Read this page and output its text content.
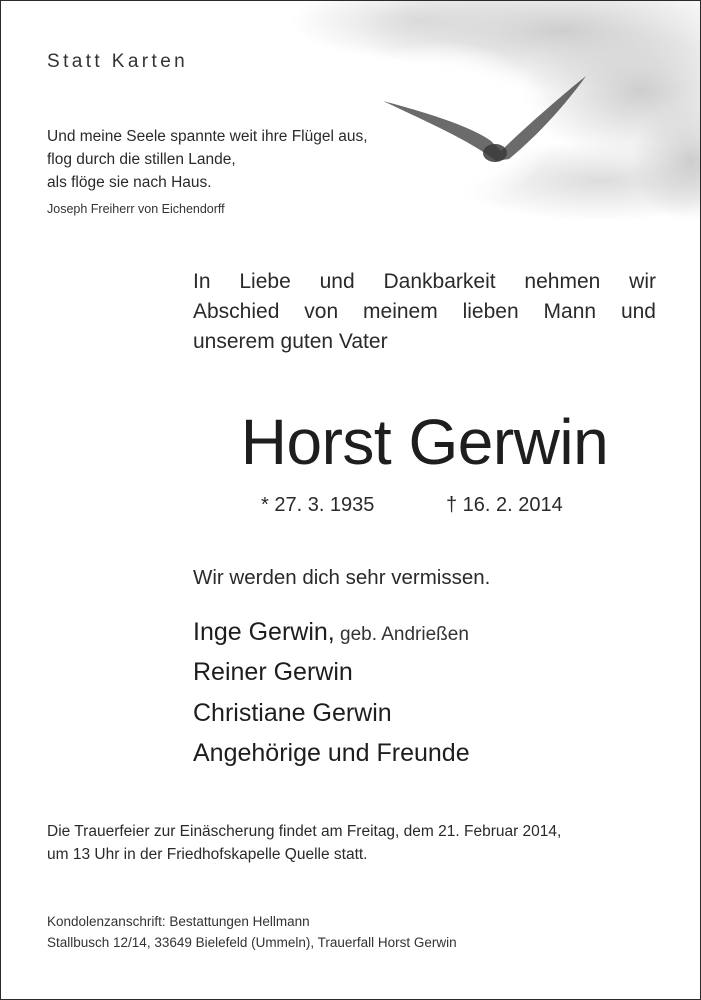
Statt Karten
Und meine Seele spannte weit ihre Flügel aus,
flog durch die stillen Lande,
als flöge sie nach Haus.
Joseph Freiherr von Eichendorff
In Liebe und Dankbarkeit nehmen wir
Abschied von meinem lieben Mann und
unserem guten Vater
Horst Gerwin
* 27. 3. 1935	† 16. 2. 2014
Wir werden dich sehr vermissen.
Inge Gerwin, geb. Andrießen
Reiner Gerwin
Christiane Gerwin
Angehörige und Freunde
Die Trauerfeier zur Einäscherung findet am Freitag, dem 21. Februar 2014,
um 13 Uhr in der Friedhofskapelle Quelle statt.
Kondolenzanschrift: Bestattungen Hellmann
Stallbusch 12/14, 33649 Bielefeld (Ummeln), Trauerfall Horst Gerwin
